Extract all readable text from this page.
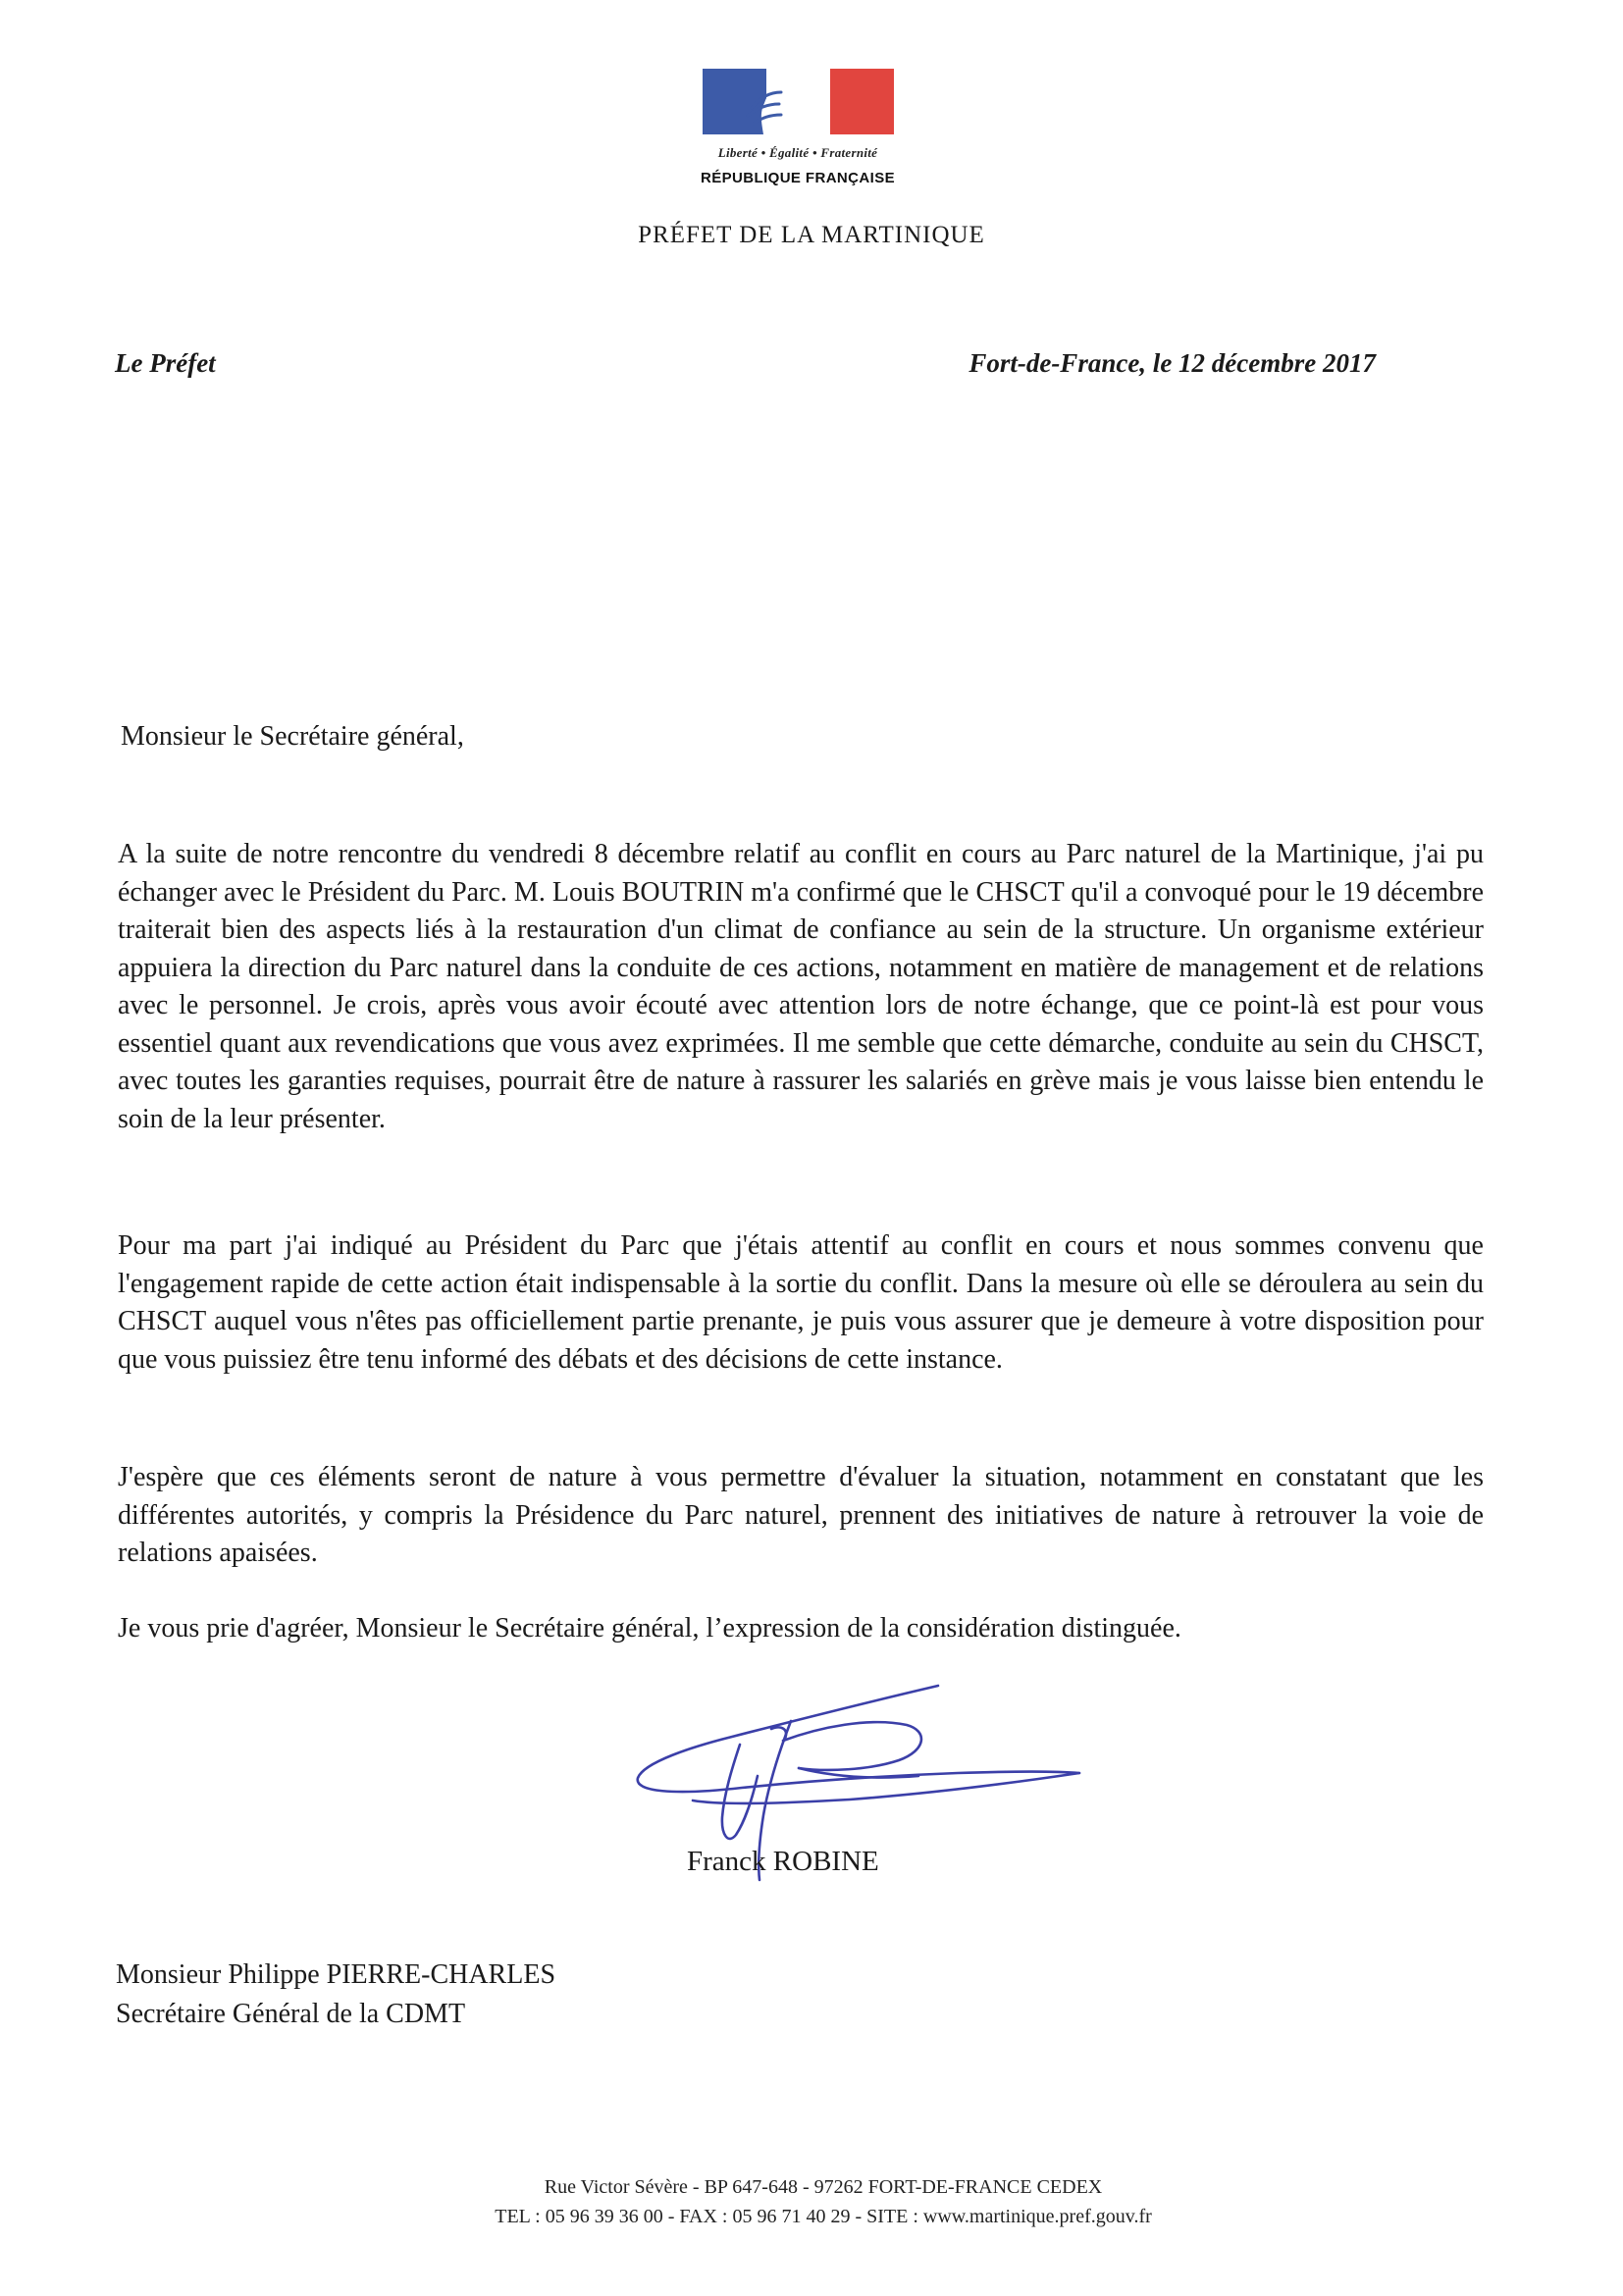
Liberté • Égalité • Fraternité
RÉPUBLIQUE FRANÇAISE
PRÉFET DE LA MARTINIQUE
Le Préfet	Fort-de-France, le 12 décembre 2017
Monsieur le Secrétaire général,

A la suite de notre rencontre du vendredi 8 décembre relatif au conflit en cours au Parc naturel de la Martinique, j'ai pu échanger avec le Président du Parc. M. Louis BOUTRIN m'a confirmé que le CHSCT qu'il a convoqué pour le 19 décembre traiterait bien des aspects liés à la restauration d'un climat de confiance au sein de la structure. Un organisme extérieur appuiera la direction du Parc naturel dans la conduite de ces actions, notamment en matière de management et de relations avec le personnel. Je crois, après vous avoir écouté avec attention lors de notre échange, que ce point-là est pour vous essentiel quant aux revendications que vous avez exprimées. Il me semble que cette démarche, conduite au sein du CHSCT, avec toutes les garanties requises, pourrait être de nature à rassurer les salariés en grève mais je vous laisse bien entendu le soin de la leur présenter.

Pour ma part j'ai indiqué au Président du Parc que j'étais attentif au conflit en cours et nous sommes convenu que l'engagement rapide de cette action était indispensable à la sortie du conflit. Dans la mesure où elle se déroulera au sein du CHSCT auquel vous n'êtes pas officiellement partie prenante, je puis vous assurer que je demeure à votre disposition pour que vous puissiez être tenu informé des débats et des décisions de cette instance.

J'espère que ces éléments seront de nature à vous permettre d'évaluer la situation, notamment en constatant que les différentes autorités, y compris la Présidence du Parc naturel, prennent des initiatives de nature à retrouver la voie de relations apaisées.

Je vous prie d'agréer, Monsieur le Secrétaire général, l’expression de la considération distinguée.

Franck ROBINE
Monsieur Philippe PIERRE-CHARLES
Secrétaire Général de la CDMT
Rue Victor Sévère - BP 647-648 - 97262 FORT-DE-FRANCE CEDEX
TEL : 05 96 39 36 00 - FAX : 05 96 71 40 29 - SITE : www.martinique.pref.gouv.fr
